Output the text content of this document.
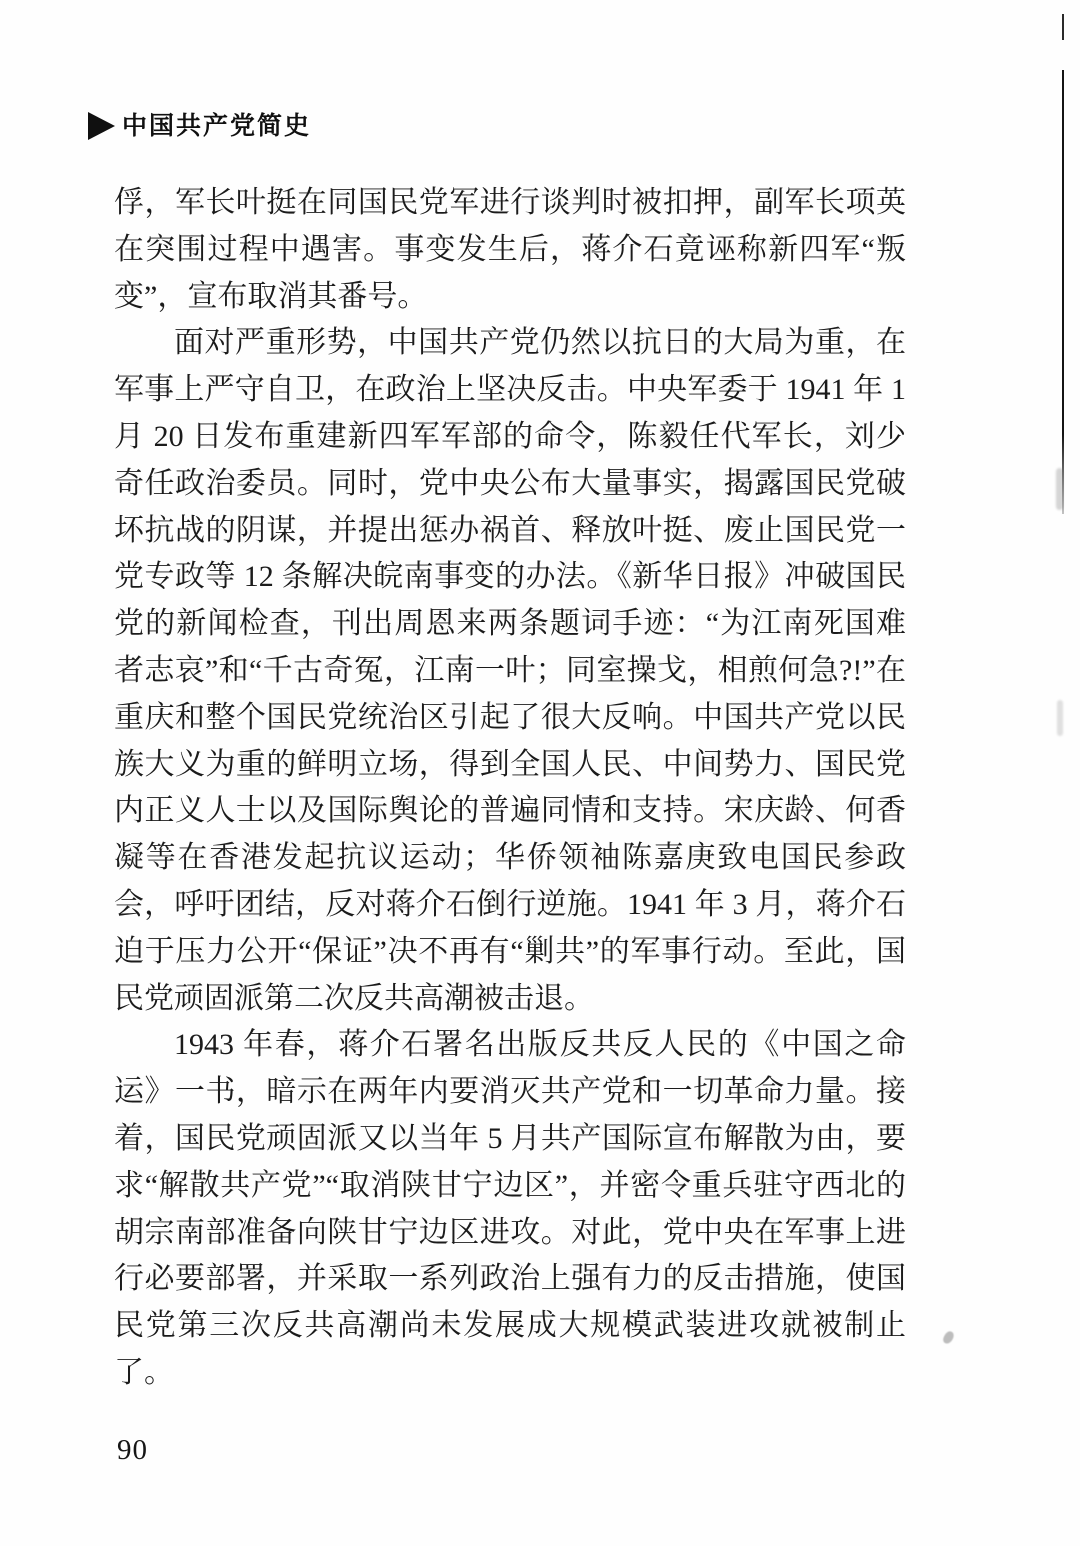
中国共产党简史

俘，军长叶挺在同国民党军进行谈判时被扣押，副军长项英在突围过程中遇害。事变发生后，蒋介石竟诬称新四军“叛变”，宣布取消其番号。

面对严重形势，中国共产党仍然以抗日的大局为重，在军事上严守自卫，在政治上坚决反击。中央军委于 1941 年 1 月 20 日发布重建新四军军部的命令，陈毅任代军长，刘少奇任政治委员。同时，党中央公布大量事实，揭露国民党破坏抗战的阴谋，并提出惩办祸首、释放叶挺、废止国民党一党专政等 12 条解决皖南事变的办法。《新华日报》冲破国民党的新闻检查，刊出周恩来两条题词手迹：“为江南死国难者志哀”和“千古奇冤，江南一叶；同室操戈，相煎何急?!”在重庆和整个国民党统治区引起了很大反响。中国共产党以民族大义为重的鲜明立场，得到全国人民、中间势力、国民党内正义人士以及国际舆论的普遍同情和支持。宋庆龄、何香凝等在香港发起抗议运动；华侨领袖陈嘉庚致电国民参政会，呼吁团结，反对蒋介石倒行逆施。1941 年 3 月，蒋介石迫于压力公开“保证”决不再有“剿共”的军事行动。至此，国民党顽固派第二次反共高潮被击退。

1943 年春，蒋介石署名出版反共反人民的《中国之命运》一书，暗示在两年内要消灭共产党和一切革命力量。接着，国民党顽固派又以当年 5 月共产国际宣布解散为由，要求“解散共产党”“取消陕甘宁边区”，并密令重兵驻守西北的胡宗南部准备向陕甘宁边区进攻。对此，党中央在军事上进行必要部署，并采取一系列政治上强有力的反击措施，使国民党第三次反共高潮尚未发展成大规模武装进攻就被制止了。

90
